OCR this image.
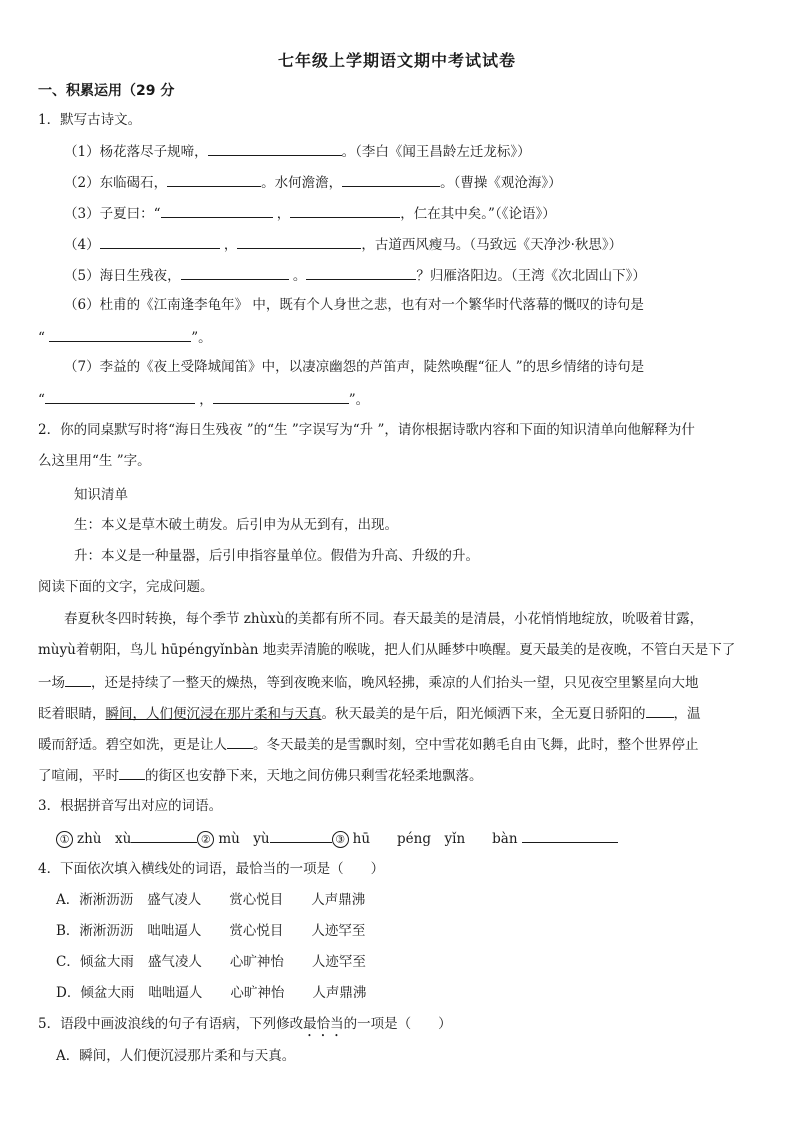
七年级上学期语文期中考试试卷
一、积累运用（29 分
1．默写古诗文。
（1）杨花落尽子规啼，	。（李白《闻王昌龄左迁龙标》）
（2）东临碣石，	。水何澹澹，	。（曹操《观沧海》）
（3）子夏曰：“	，	，仁在其中矣。”（《论语》）
（4）	，	，古道西风瘦马。（马致远《天净沙·秋思》）
（5）海日生残夜，	。	？归雁洛阳边。（王湾《次北固山下》）
（6）杜甫的《江南逢李龟年》 中，既有个人身世之悲，也有对一个繁华时代落幕的慨叹的诗句是
“	”。
（7）李益的《夜上受降城闻笛》中，以凄凉幽怨的芦笛声，陡然唤醒“征人 ”的思乡情绪的诗句是
“	，	”。
2．你的同桌默写时将“海日生残夜 ”的“生 ”字误写为“升 ”，请你根据诗歌内容和下面的知识清单向他解释为什
么这里用“生 ”字。
知识清单
生：本义是草木破土萌发。后引申为从无到有，出现。
升：本义是一种量器，后引申指容量单位。假借为升高、升级的升。
阅读下面的文字，完成问题。
春夏秋冬四时转换，每个季节 zhùxù的美都有所不同。春天最美的是清晨，小花悄悄地绽放，吮吸着甘露，
mùyù着朝阳，鸟儿 hūpéngyǐnbàn 地卖弄清脆的喉咙，把人们从睡梦中唤醒。夏天最美的是夜晚，不管白天是下了
一场 ，还是持续了一整天的燥热，等到夜晚来临，晚风轻拂，乘凉的人们抬头一望，只见夜空里繁星向大地
眨着眼睛，瞬间，人们便沉浸在那片柔和与天真。秋天最美的是午后，阳光倾洒下来，全无夏日骄阳的 ，温
暖而舒适。碧空如洗，更是让人 。冬天最美的是雪飘时刻，空中雪花如鹅毛自由飞舞，此时，整个世界停止
了喧闹，平时 的街区也安静下来，天地之间仿佛只剩雪花轻柔地飘落。
3．根据拼音写出对应的词语。
① zhù　xù	② mù　yù	③ hū　　péng　yǐn　　bàn
4．下面依次填入横线处的词语，最恰当的一项是（　　）
A．淅淅沥沥 盛气凌人 赏心悦目 人声鼎沸
B．淅淅沥沥 咄咄逼人 赏心悦目 人迹罕至
C．倾盆大雨 盛气凌人 心旷神怡 人迹罕至
D．倾盆大雨 咄咄逼人 心旷神怡 人声鼎沸
5．语段中画波浪线的句子有语病，下列修改最恰当的一项是（　　）
A．瞬间，人们便沉浸那片柔和与天真。
